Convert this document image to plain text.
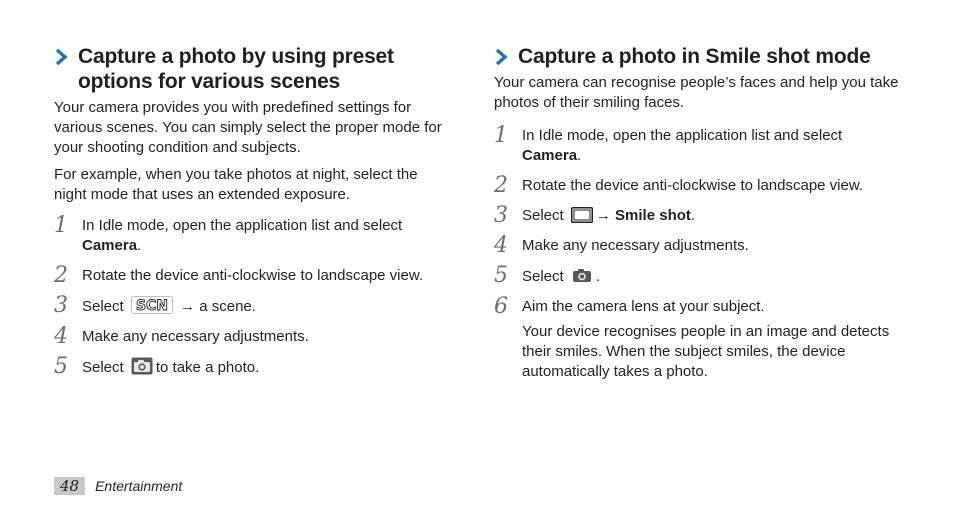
Capture a photo by using preset options for various scenes

Your camera provides you with predefined settings for various scenes. You can simply select the proper mode for your shooting condition and subjects.

For example, when you take photos at night, select the night mode that uses an extended exposure.

1 In Idle mode, open the application list and select Camera.
2 Rotate the device anti-clockwise to landscape view.
3 Select SCN → a scene.
4 Make any necessary adjustments.
5 Select to take a photo.
Capture a photo in Smile shot mode

Your camera can recognise people’s faces and help you take photos of their smiling faces.

1 In Idle mode, open the application list and select Camera.
2 Rotate the device anti-clockwise to landscape view.
3 Select → Smile shot.
4 Make any necessary adjustments.
5 Select .
6 Aim the camera lens at your subject.

Your device recognises people in an image and detects their smiles. When the subject smiles, the device automatically takes a photo.

48	Entertainment
